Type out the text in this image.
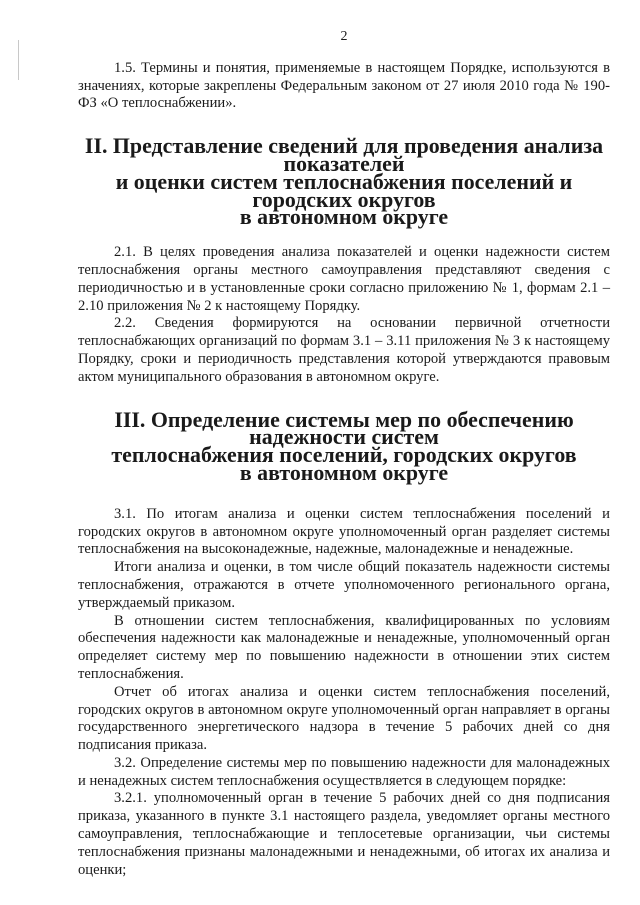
2

1.5. Термины и понятия, применяемые в настоящем Порядке, используются в значениях, которые закреплены Федеральным законом от 27 июля 2010 года № 190-ФЗ «О теплоснабжении».

II. Представление сведений для проведения анализа показателей
и оценки систем теплоснабжения поселений и городских округов
в автономном округе

2.1. В целях проведения анализа показателей и оценки надежности систем теплоснабжения органы местного самоуправления представляют сведения с периодичностью и в установленные сроки согласно приложению № 1, формам 2.1 – 2.10 приложения № 2 к настоящему Порядку.

2.2. Сведения формируются на основании первичной отчетности теплоснабжающих организаций по формам 3.1 – 3.11 приложения № 3 к настоящему Порядку, сроки и периодичность представления которой утверждаются правовым актом муниципального образования в автономном округе.

III. Определение системы мер по обеспечению надежности систем
теплоснабжения поселений, городских округов
в автономном округе

3.1. По итогам анализа и оценки систем теплоснабжения поселений и городских округов в автономном округе уполномоченный орган разделяет системы теплоснабжения на высоконадежные, надежные, малонадежные и ненадежные.

Итоги анализа и оценки, в том числе общий показатель надежности системы теплоснабжения, отражаются в отчете уполномоченного регионального органа, утверждаемый приказом.

В отношении систем теплоснабжения, квалифицированных по условиям обеспечения надежности как малонадежные и ненадежные, уполномоченный орган определяет систему мер по повышению надежности в отношении этих систем теплоснабжения.

Отчет об итогах анализа и оценки систем теплоснабжения поселений, городских округов в автономном округе уполномоченный орган направляет в органы государственного энергетического надзора в течение 5 рабочих дней со дня подписания приказа.

3.2. Определение системы мер по повышению надежности для малонадежных и ненадежных систем теплоснабжения осуществляется в следующем порядке:

3.2.1. уполномоченный орган в течение 5 рабочих дней со дня подписания приказа, указанного в пункте 3.1 настоящего раздела, уведомляет органы местного самоуправления, теплоснабжающие и теплосетевые организации, чьи системы теплоснабжения признаны малонадежными и ненадежными, об итогах их анализа и оценки;
